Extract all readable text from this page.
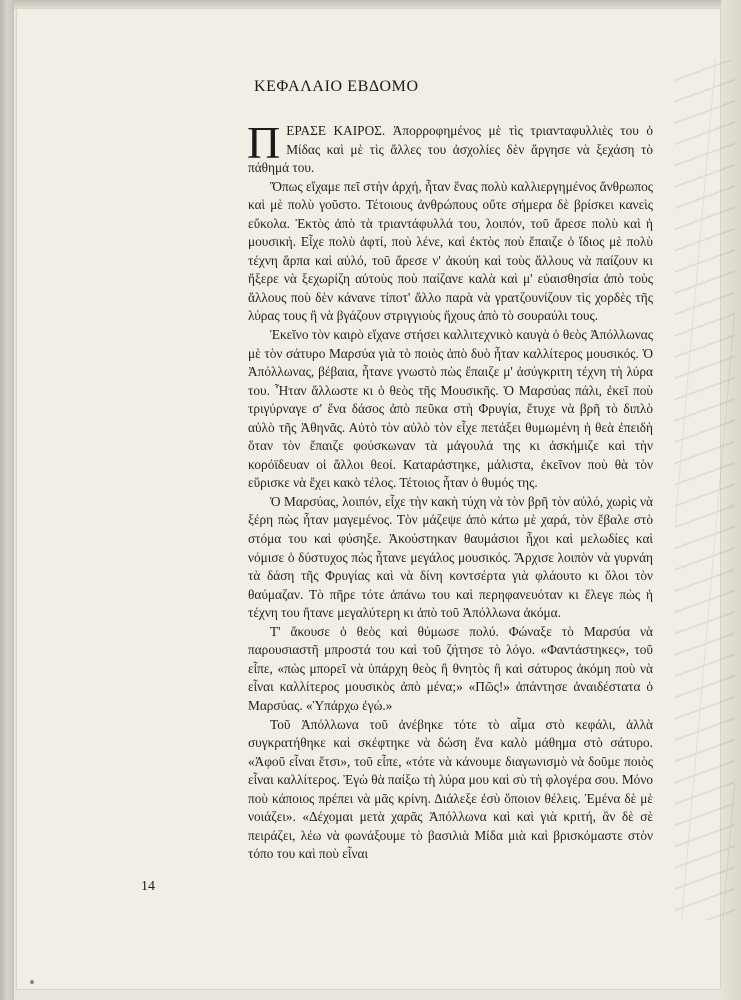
ΚΕΦΑΛΑΙΟ ΕΒΔΟΜΟ

ΠΕΡΑΣΕ ΚΑΙΡΟΣ. Ἀπορροφημένος μὲ τὶς τριανταφυλλιὲς του ὁ Μίδας καὶ μὲ τὶς ἄλλες του ἀσχολίες δὲν ἄργησε νὰ ξεχάση τὸ πάθημά του.

Ὅπως εἴχαμε πεῖ στὴν ἀρχή, ἦταν ἕνας πολὺ καλλιεργημένος ἄνθρωπος καὶ μὲ πολὺ γοῦστο. Τέτοιους ἀνθρώπους οὔτε σήμερα δὲ βρίσκει κανεὶς εὔκολα. Ἐκτὸς ἀπὸ τὰ τριαντάφυλλά του, λοιπόν, τοῦ ἄρεσε πολὺ καὶ ἡ μουσική. Εἶχε πολὺ ἀφτί, ποὺ λένε, καὶ ἐκτὸς ποὺ ἔπαιζε ὁ ἴδιος μὲ πολὺ τέχνη ἅρπα καὶ αὐλό, τοῦ ἄρεσε ν' ἀκούη καὶ τοὺς ἄλλους νὰ παίζουν κι ἤξερε νὰ ξεχωρίζη αὐτοὺς ποὺ παίζανε καλὰ καὶ μ' εὐαισθησία ἀπὸ τοὺς ἄλλους ποὺ δὲν κάνανε τίποτ' ἄλλο παρὰ νὰ γρατζουνίζουν τὶς χορδὲς τῆς λύρας τους ἢ νὰ βγάζουν στριγγιοὺς ἤχους ἀπὸ τὸ σουραύλι τους.

Ἐκεῖνο τὸν καιρὸ εἴχανε στήσει καλλιτεχνικὸ καυγὰ ὁ θεὸς Ἀπόλλωνας μὲ τὸν σάτυρο Μαρσύα γιὰ τὸ ποιὸς ἀπὸ δυὸ ἦταν καλλίτερος μουσικός. Ὁ Ἀπόλλωνας, βέβαια, ἦτανε γνωστὸ πὼς ἔπαιζε μ' ἀσύγκριτη τέχνη τὴ λύρα του. Ἦταν ἄλλωστε κι ὁ θεὸς τῆς Μουσικῆς. Ὁ Μαρσύας πάλι, ἐκεῖ ποὺ τριγύρναγε σ' ἕνα δάσος ἀπὸ πεῦκα στὴ Φρυγία, ἔτυχε νὰ βρῆ τὸ διπλὸ αὐλὸ τῆς Ἀθηνᾶς. Αὐτὸ τὸν αὐλὸ τὸν εἶχε πετάξει θυμωμένη ἡ θεὰ ἐπειδὴ ὅταν τὸν ἔπαιζε φούσκωναν τὰ μάγουλά της κι ἀσκήμιζε καὶ τὴν κορόϊδευαν οἱ ἄλλοι θεοί. Καταράστηκε, μάλιστα, ἐκεῖνον ποὺ θὰ τὸν εὕρισκε νὰ ἔχει κακὸ τέλος. Τέτοιος ἦταν ὁ θυμός της.

Ὁ Μαρσύας, λοιπόν, εἶχε τὴν κακὴ τύχη νὰ τὸν βρῆ τὸν αὐλό, χωρὶς νὰ ξέρη πὼς ἦταν μαγεμένος. Τὸν μάζεψε ἀπὸ κάτω μὲ χαρά, τὸν ἔβαλε στὸ στόμα του καὶ φύσηξε. Ἀκούστηκαν θαυμάσιοι ἦχοι καὶ μελωδίες καὶ νόμισε ὁ δύστυχος πὼς ἦτανε μεγάλος μουσικός. Ἄρχισε λοιπὸν νὰ γυρνάη τὰ δάση τῆς Φρυγίας καὶ νὰ δίνη κοντσέρτα γιὰ φλάουτο κι ὅλοι τὸν θαύμαζαν. Τὸ πῆρε τότε ἀπάνω του καὶ περηφανευόταν κι ἔλεγε πὼς ἡ τέχνη του ἤτανε μεγαλύτερη κι ἀπὸ τοῦ Ἀπόλλωνα ἀκόμα.

Τ' ἄκουσε ὁ θεὸς καὶ θύμωσε πολύ. Φώναξε τὸ Μαρσύα νὰ παρουσιαστῆ μπροστά του καὶ τοῦ ζήτησε τὸ λόγο. «Φαντάστηκες», τοῦ εἶπε, «πὼς μπορεῖ νὰ ὑπάρχη θεὸς ἢ θνητὸς ἢ καὶ σάτυρος ἀκόμη ποὺ νὰ εἶναι καλλίτερος μουσικὸς ἀπὸ μένα;» «Πῶς!» ἀπάντησε ἀναιδέστατα ὁ Μαρσύας. «Ὑπάρχω ἐγώ.»

Τοῦ Ἀπόλλωνα τοῦ ἀνέβηκε τότε τὸ αἷμα στὸ κεφάλι, ἀλλὰ συγκρατήθηκε καὶ σκέφτηκε νὰ δώση ἕνα καλὸ μάθημα στὸ σάτυρο. «Ἀφοῦ εἶναι ἔτσι», τοῦ εἶπε, «τότε νὰ κάνουμε διαγωνισμὸ νὰ δοῦμε ποιὸς εἶναι καλλίτερος. Ἐγὼ θὰ παίξω τὴ λύρα μου καὶ σὺ τὴ φλογέρα σου. Μόνο ποὺ κάποιος πρέπει νὰ μᾶς κρίνη. Διάλεξε ἐσὺ ὅποιον θέλεις. Ἐμένα δὲ μὲ νοιάζει». «Δέχομαι μετὰ χαρᾶς Ἀπόλλωνα καὶ καὶ γιὰ κριτή, ἂν δὲ σὲ πειράζει, λέω νὰ φωνάξουμε τὸ βασιλιὰ Μίδα μιὰ καὶ βρισκόμαστε στὸν τόπο του καὶ ποὺ εἶναι

14
